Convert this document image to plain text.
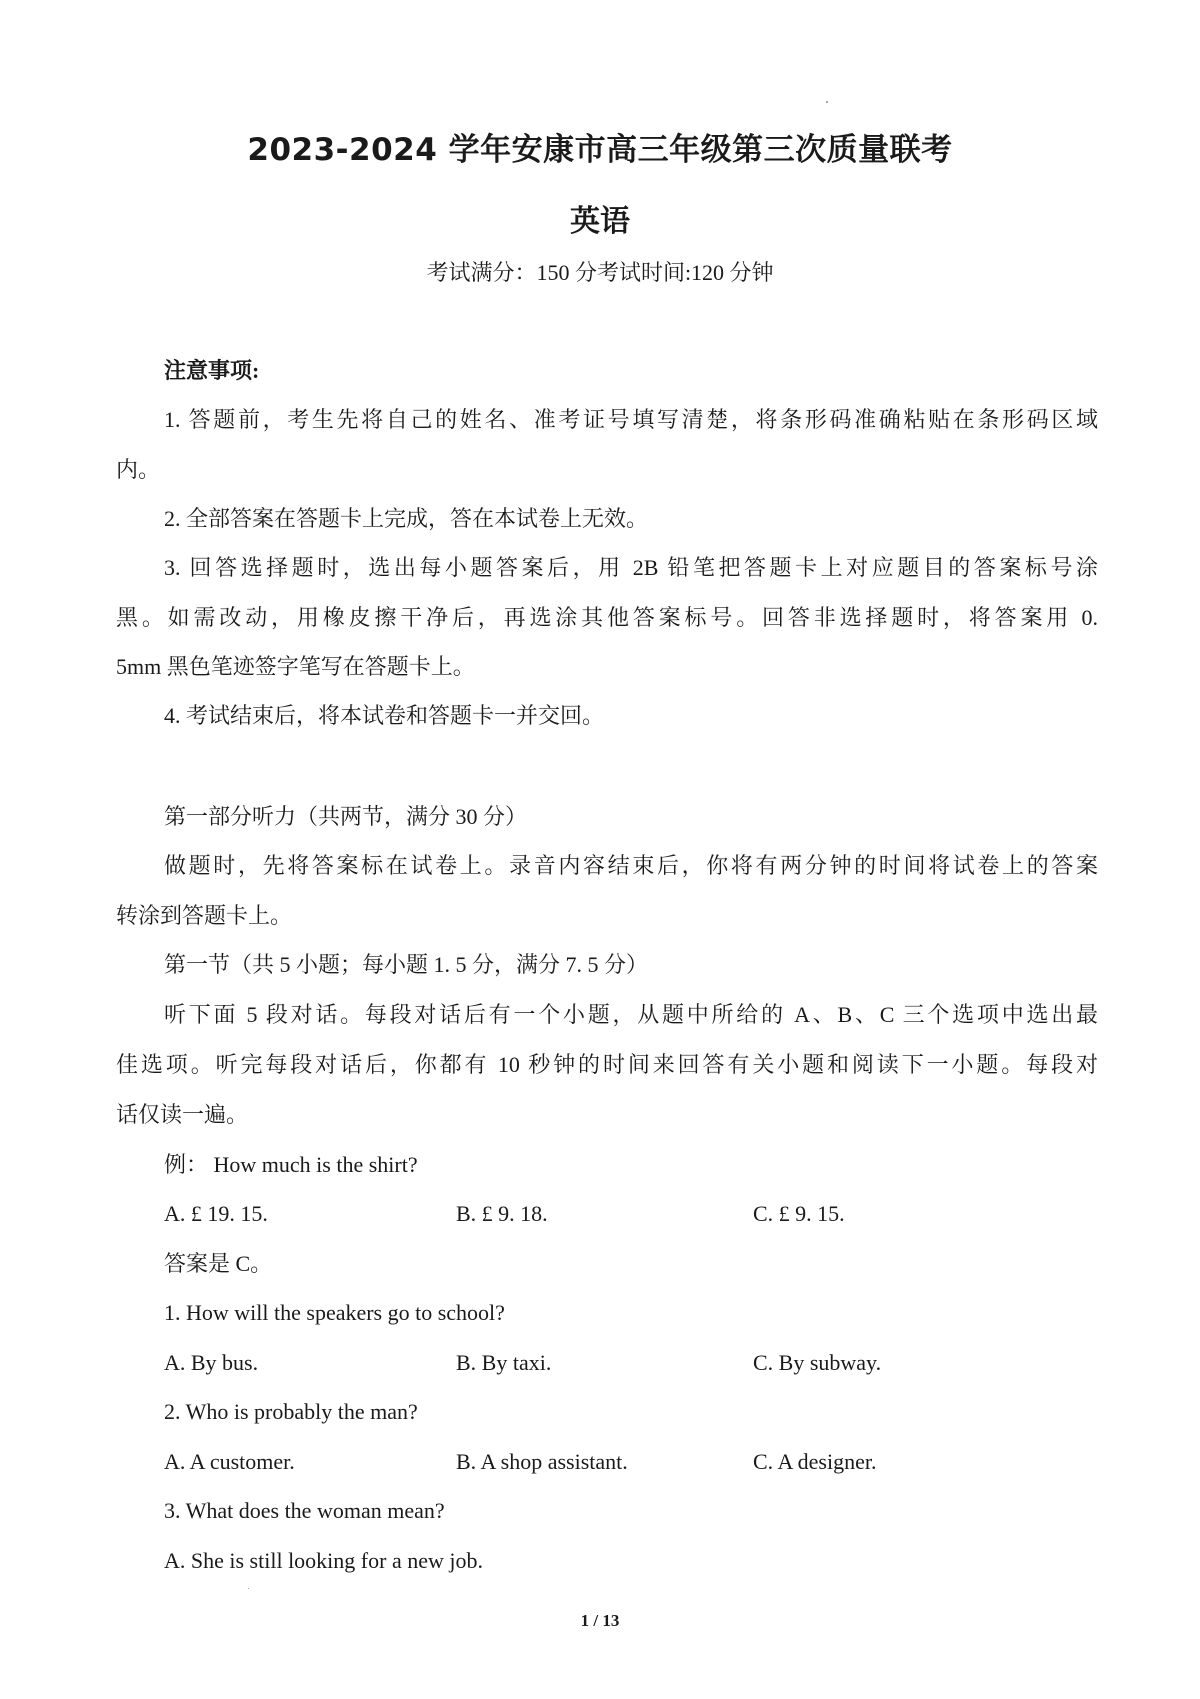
2023-2024 学年安康市高三年级第三次质量联考
英语
考试满分：150 分考试时间:120 分钟
注意事项:
1. 答题前，考生先将自己的姓名、准考证号填写清楚，将条形码准确粘贴在条形码区域
内。
2. 全部答案在答题卡上完成，答在本试卷上无效。
3. 回答选择题时，选出每小题答案后，用 2B 铅笔把答题卡上对应题目的答案标号涂
黑。如需改动，用橡皮擦干净后，再选涂其他答案标号。回答非选择题时，将答案用 0.
5mm 黑色笔迹签字笔写在答题卡上。
4. 考试结束后，将本试卷和答题卡一并交回。
第一部分听力（共两节，满分 30 分）
做题时，先将答案标在试卷上。录音内容结束后，你将有两分钟的时间将试卷上的答案
转涂到答题卡上。
第一节（共 5 小题；每小题 1. 5 分，满分 7. 5 分）
听下面 5 段对话。每段对话后有一个小题，从题中所给的 A、B、C 三个选项中选出最
佳选项。听完每段对话后，你都有 10 秒钟的时间来回答有关小题和阅读下一小题。每段对
话仅读一遍。
例： How much is the shirt?
A. £ 19. 15.	B. £ 9. 18.	C. £ 9. 15.
答案是 C。
1. How will the speakers go to school?
A. By bus.	B. By taxi.	C. By subway.
2. Who is probably the man?
A. A customer.	B. A shop assistant.	C. A designer.
3. What does the woman mean?
A. She is still looking for a new job.
1 / 13
